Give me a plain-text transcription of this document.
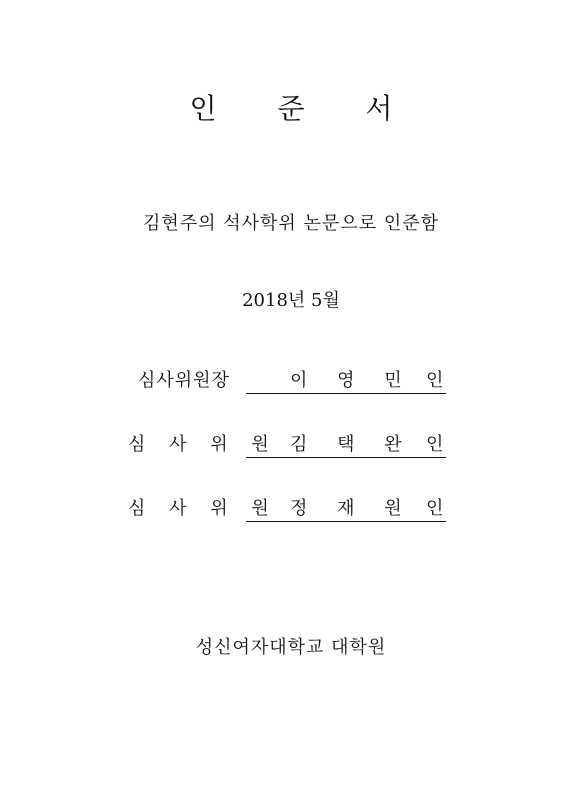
인 준 서
김현주의 석사학위 논문으로 인준함
2018년 5월
심사위원장	이 영 민 인
심 사 위 원 김 택 완 인
심 사 위 원 정 재 원 인
성신여자대학교 대학원
